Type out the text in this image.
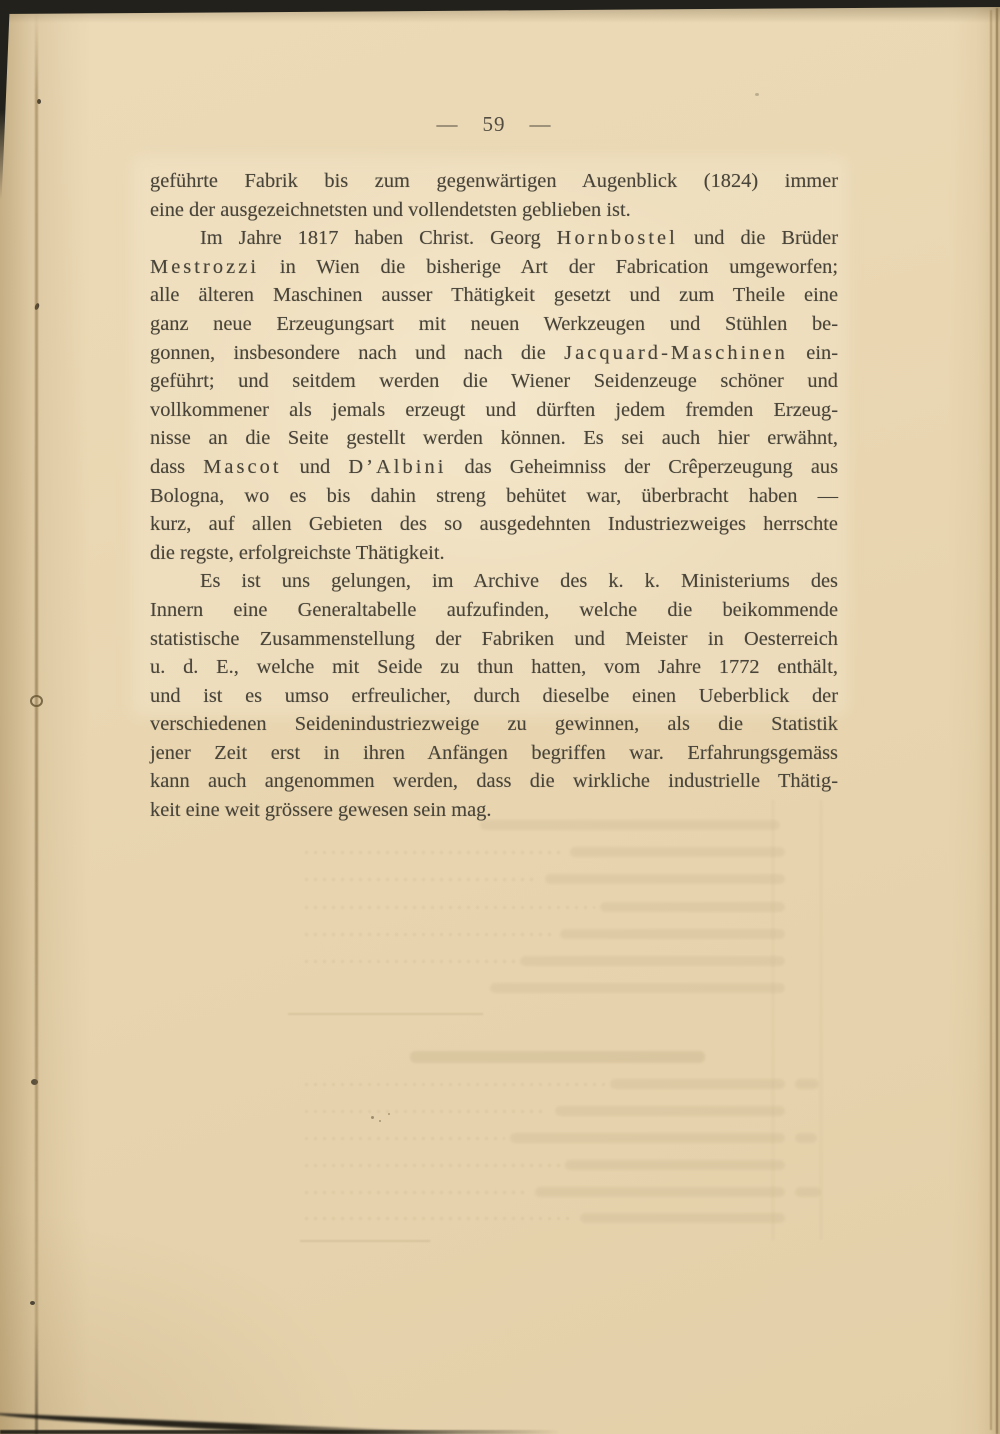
— 59 —
geführte Fabrik bis zum gegenwärtigen Augenblick (1824) immer
eine der ausgezeichnetsten und vollendetsten geblieben ist.
Im Jahre 1817 haben Christ. Georg Hornbostel und die Brüder
Mestrozzi in Wien die bisherige Art der Fabrication umgeworfen;
alle älteren Maschinen ausser Thätigkeit gesetzt und zum Theile eine
ganz neue Erzeugungsart mit neuen Werkzeugen und Stühlen be-
gonnen, insbesondere nach und nach die Jacquard-Maschinen ein-
geführt; und seitdem werden die Wiener Seidenzeuge schöner und
vollkommener als jemals erzeugt und dürften jedem fremden Erzeug-
nisse an die Seite gestellt werden können. Es sei auch hier erwähnt,
dass Mascot und D’Albini das Geheimniss der Crêperzeugung aus
Bologna, wo es bis dahin streng behütet war, überbracht haben —
kurz, auf allen Gebieten des so ausgedehnten Industriezweiges herrschte
die regste, erfolgreichste Thätigkeit.
Es ist uns gelungen, im Archive des k. k. Ministeriums des
Innern eine Generaltabelle aufzufinden, welche die beikommende
statistische Zusammenstellung der Fabriken und Meister in Oesterreich
u. d. E., welche mit Seide zu thun hatten, vom Jahre 1772 enthält,
und ist es umso erfreulicher, durch dieselbe einen Ueberblick der
verschiedenen Seidenindustriezweige zu gewinnen, als die Statistik
jener Zeit erst in ihren Anfängen begriffen war. Erfahrungsgemäss
kann auch angenommen werden, dass die wirkliche industrielle Thätig-
keit eine weit grössere gewesen sein mag.
